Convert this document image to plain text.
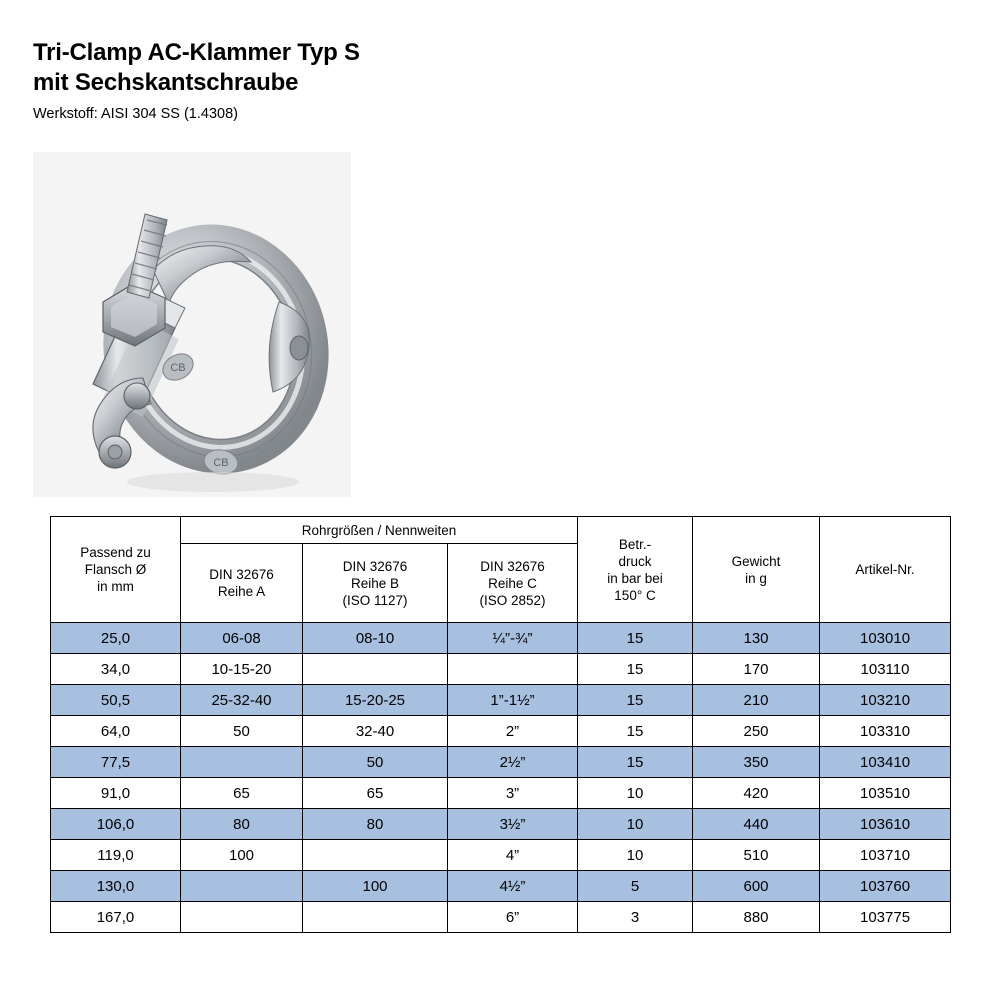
Tri-Clamp AC-Klammer Typ S
mit Sechskantschraube
Werkstoff: AISI 304 SS (1.4308)
CB
CB
Passend zu
Flansch Ø
in mm	Rohrgrößen / Nennweiten			Betr.-
druck
in bar bei
150° C	Gewicht
in g	Artikel-Nr.

	DIN 32676
Reihe A	DIN 32676
Reihe B
(ISO 1127)	DIN 32676
Reihe C
(ISO 2852)			

25,0	06-08	08-10	¼”-¾”	15	130	103010
34,0	10-15-20			15	170	103110
50,5	25-32-40	15-20-25	1”-1½”	15	210	103210
64,0	50	32-40	2”	15	250	103310
77,5		50	2½”	15	350	103410
91,0	65	65	3”	10	420	103510
106,0	80	80	3½”	10	440	103610
119,0	100		4”	10	510	103710
130,0		100	4½”	5	600	103760
167,0			6”	3	880	103775
